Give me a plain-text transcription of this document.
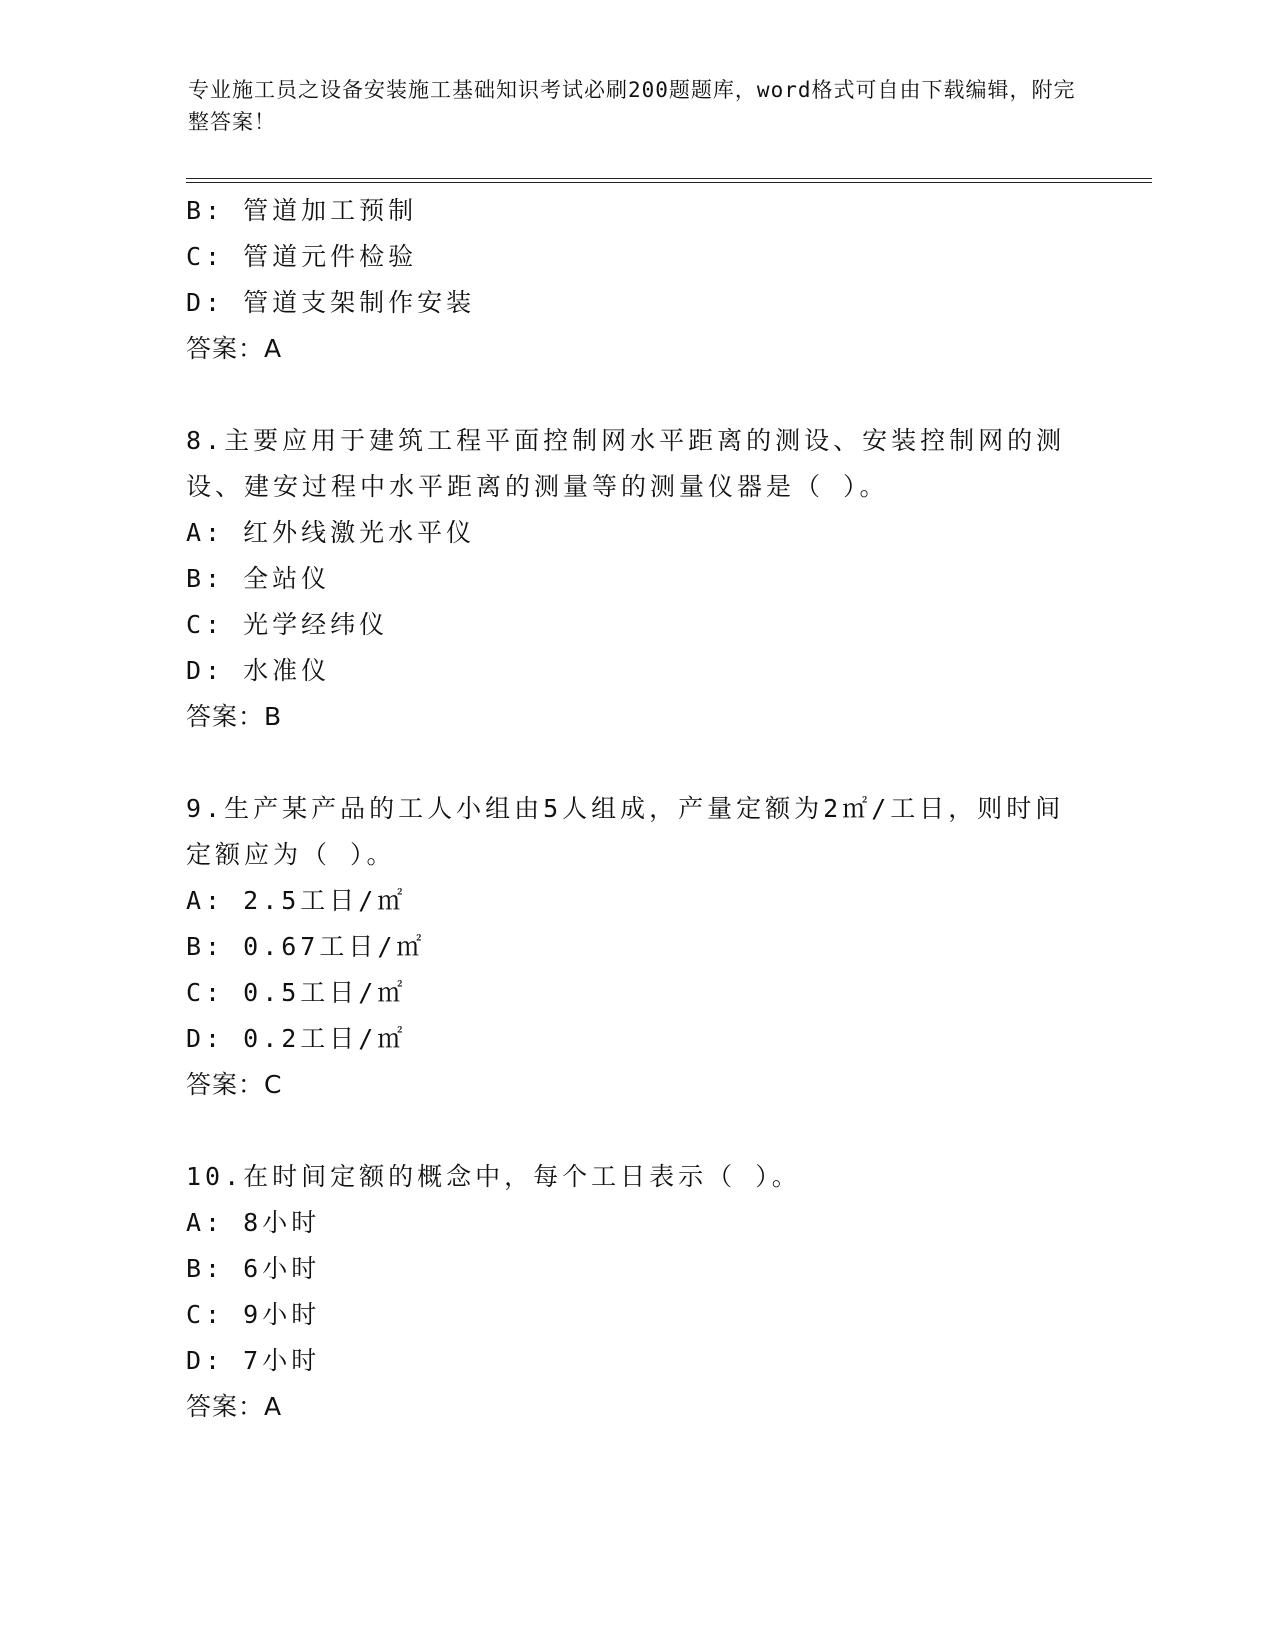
专业施工员之设备安装施工基础知识考试必刷200题题库，word格式可自由下载编辑，附完整答案！
B: 管道加工预制
C: 管道元件检验
D: 管道支架制作安装
答案：A
8.主要应用于建筑工程平面控制网水平距离的测设、安装控制网的测设、建安过程中水平距离的测量等的测量仪器是（ ）。
A: 红外线激光水平仪
B: 全站仪
C: 光学经纬仪
D: 水准仪
答案：B
9.生产某产品的工人小组由5人组成，产量定额为2㎡/工日，则时间定额应为（ ）。
A: 2.5工日/㎡
B: 0.67工日/㎡
C: 0.5工日/㎡
D: 0.2工日/㎡
答案：C
10.在时间定额的概念中，每个工日表示（ ）。
A: 8小时
B: 6小时
C: 9小时
D: 7小时
答案：A
